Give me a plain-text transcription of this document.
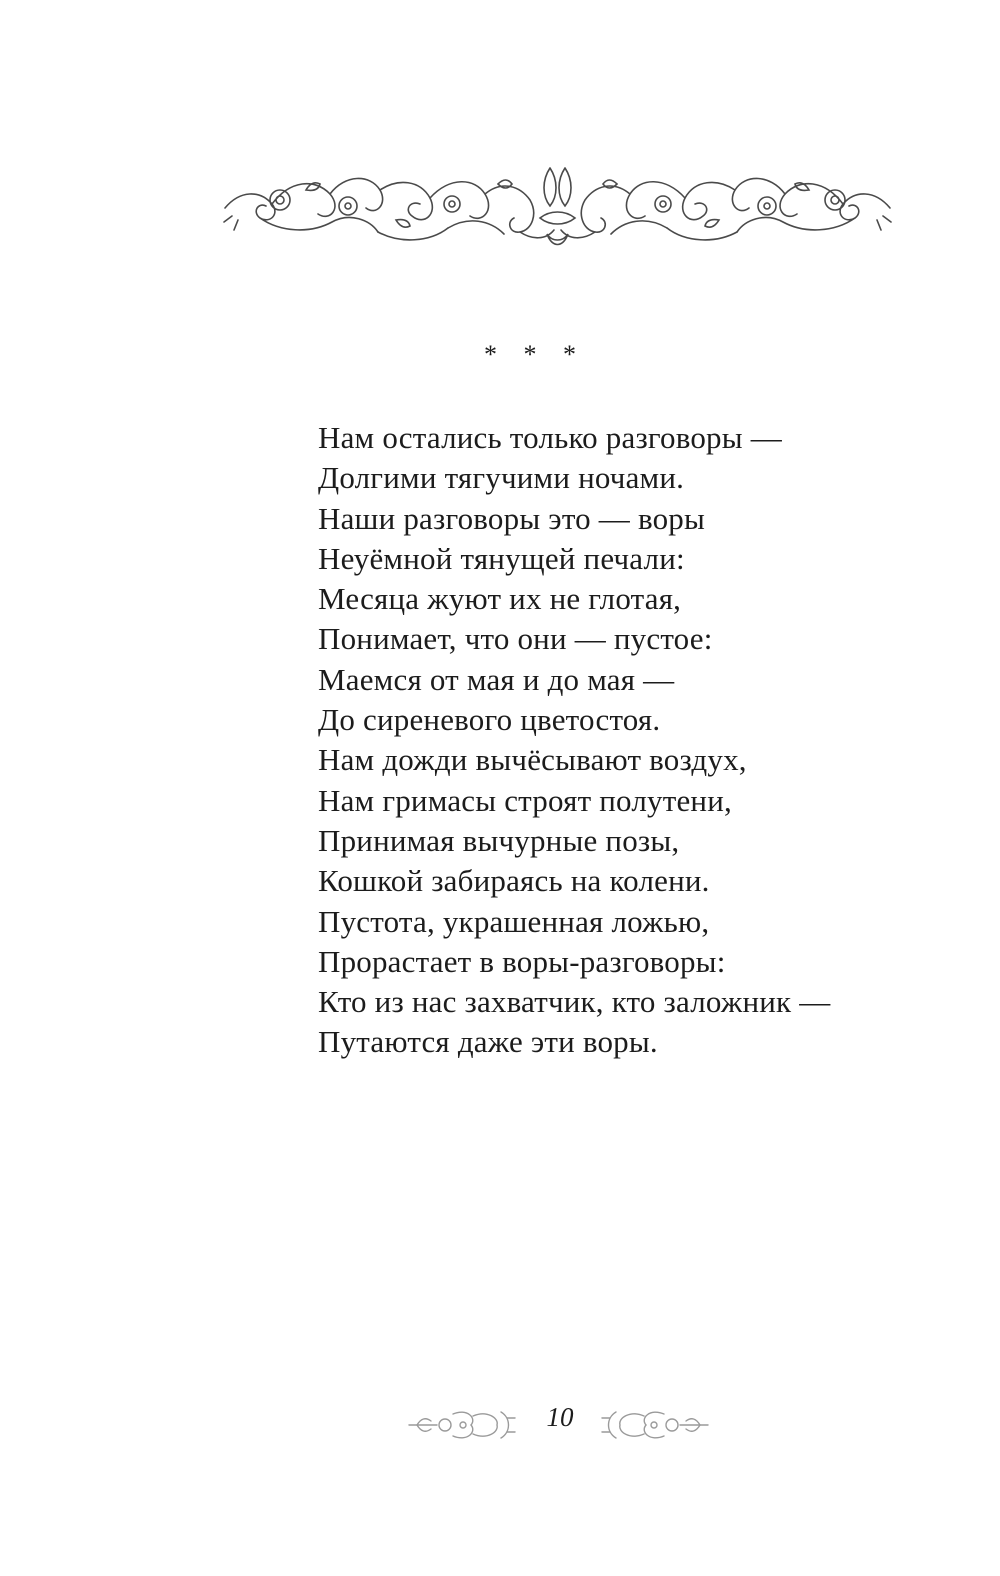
* * *
Нам остались только разговоры —
Долгими тягучими ночами.
Наши разговоры это — воры
Неуёмной тянущей печали:
Месяца жуют их не глотая,
Понимает, что они — пустое:
Маемся от мая и до мая —
До сиреневого цветостоя.
Нам дожди вычёсывают воздух,
Нам гримасы строят полутени,
Принимая вычурные позы,
Кошкой забираясь на колени.
Пустота, украшенная ложью,
Прорастает в воры-разговоры:
Кто из нас захватчик, кто заложник —
Путаются даже эти воры.
10
